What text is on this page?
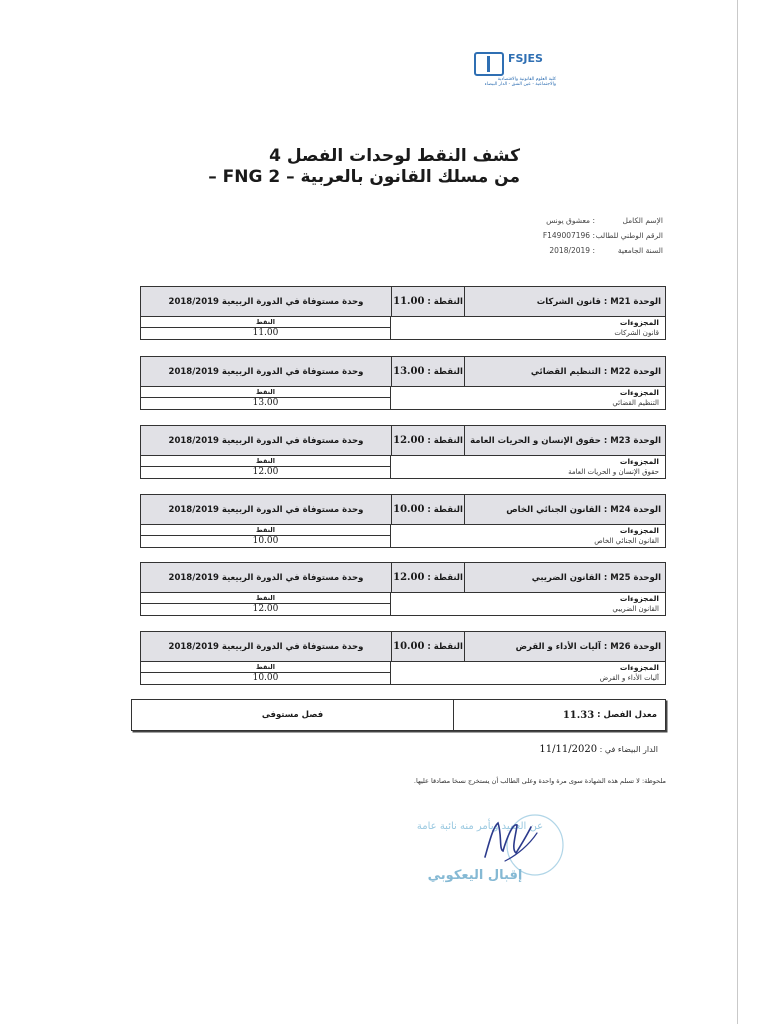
FSJES
كلية العلوم القانونية والاقتصادية والاجتماعية - عين الشق - الدار البيضاء
كشف النقط لوحدات الفصل 4
من مسلك القانون بالعربية – FNG 2 –
الإسم الكامل
: معشوق يونس
الرقم الوطني للطالب
: F149007196
السنة الجامعية
: 2018/2019
الوحدة

M21

: قانون الشركات
النقطة :

11.00
وحدة مستوفاة في الدورة الربيعية 2018/2019
النقط
11.00
المجزوءات
قانون الشركات
الوحدة

M22

: التنظيم القضائي
النقطة :

13.00
وحدة مستوفاة في الدورة الربيعية 2018/2019
النقط
13.00
المجزوءات
التنظيم القضائي
الوحدة

M23

: حقوق الإنسان و الحريات العامة
النقطة :

12.00
وحدة مستوفاة في الدورة الربيعية 2018/2019
النقط
12.00
المجزوءات
حقوق الإنسان و الحريات العامة
الوحدة

M24

: القانون الجنائي الخاص
النقطة :

10.00
وحدة مستوفاة في الدورة الربيعية 2018/2019
النقط
10.00
المجزوءات
القانون الجنائي الخاص
الوحدة

M25

: القانون الضريبي
النقطة :

12.00
وحدة مستوفاة في الدورة الربيعية 2018/2019
النقط
12.00
المجزوءات
القانون الضريبي
الوحدة

M26

: آليات الأداء و القرض
النقطة :

10.00
وحدة مستوفاة في الدورة الربيعية 2018/2019
النقط
10.00
المجزوءات
آليات الأداء و القرض
فصل مستوفى	معدل الفصل :

11.33
الدار البيضاء في : 11/11/2020
ملحوظة: لا تسلم هذه الشهادة سوى مرة واحدة وعلى الطالب أن يستخرج نسخا مصادقا عليها.
عن العميد وبأمر منه نائبة عامة
إقبال اليعكوبي
